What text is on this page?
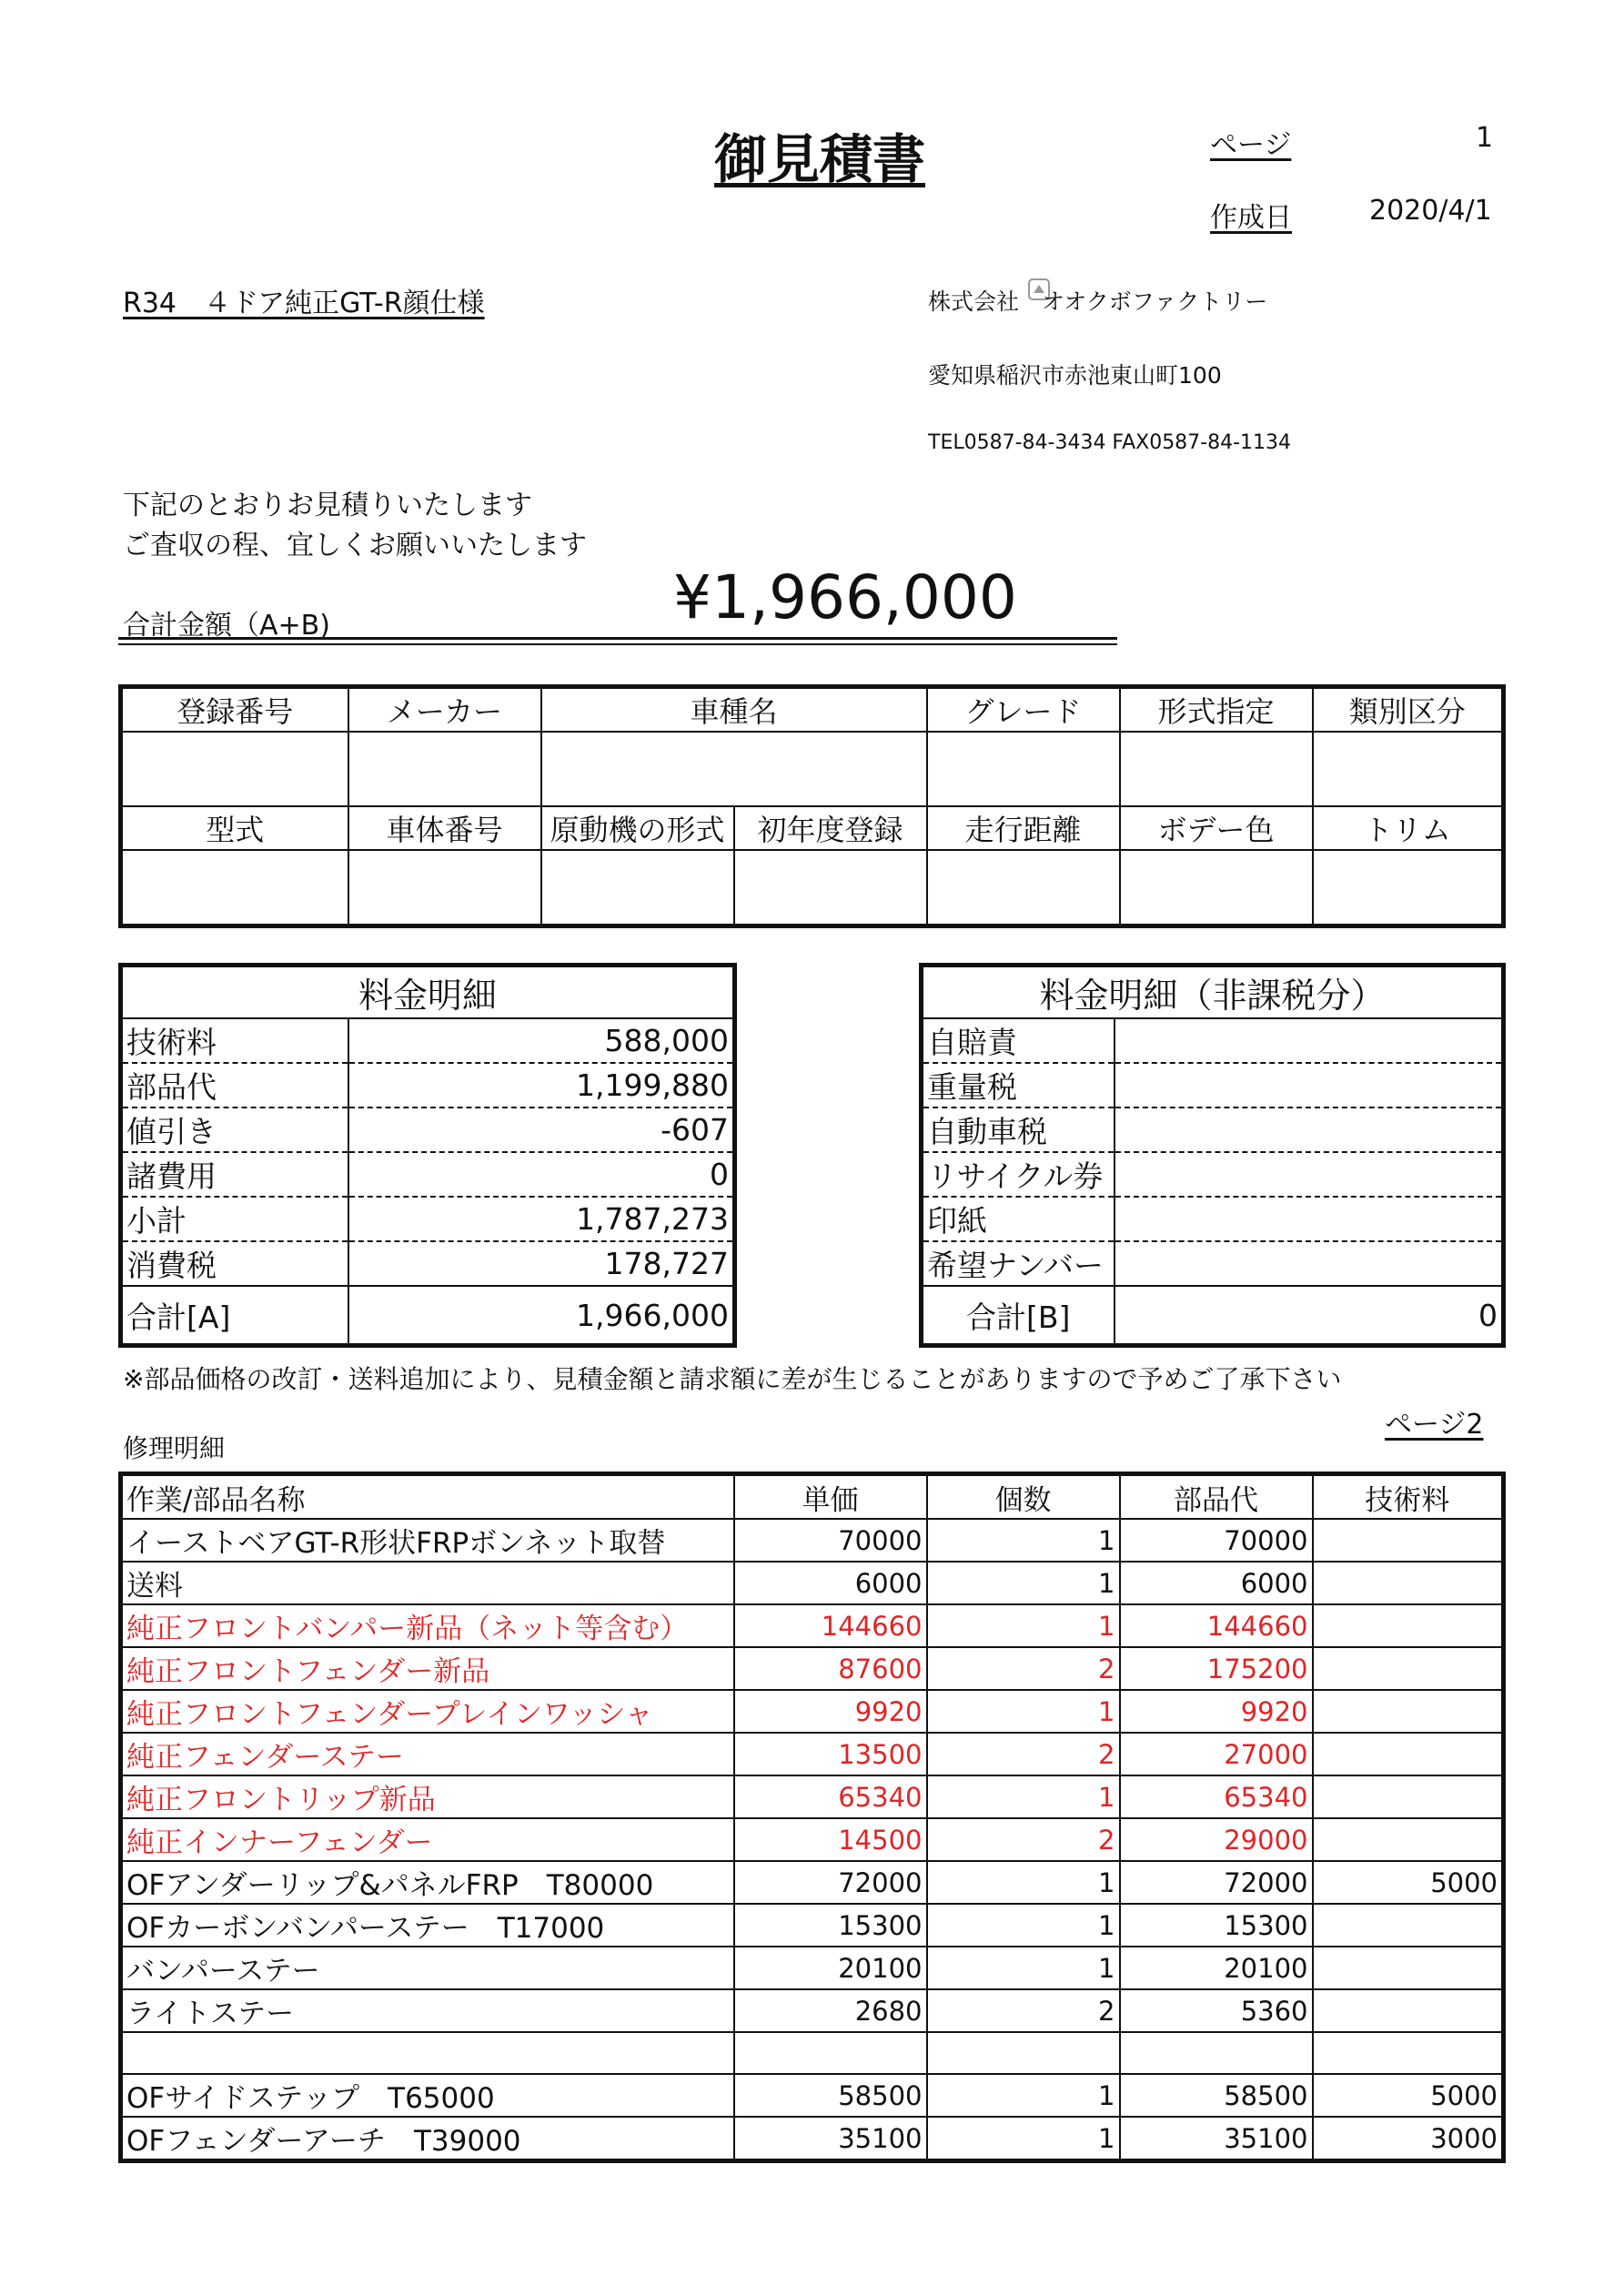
御見積書	ページ	1
作成日	2020/4/1
R34　４ドア純正GT-R顔仕様	株式会社　オオクボファクトリー
愛知県稲沢市赤池東山町100
TEL0587-84-3434 FAX0587-84-1134
下記のとおりお見積りいたします
ご査収の程、宜しくお願いいたします
合計金額（A+B)	¥1,966,000
登録番号	メーカー	車種名		グレード	形式指定	類別区分

型式	車体番号	原動機の形式	初年度登録	走行距離	ボデー色	トリム

料金明細	
技術料	588,000
部品代	1,199,880
値引き	-607
諸費用	0
小計	1,787,273
消費税	178,727
合計[A]	1,966,000
料金明細（非課税分）	
自賠責	
重量税	
自動車税	
リサイクル券	
印紙	
希望ナンバー	
合計[B]	0
※部品価格の改訂・送料追加により、見積金額と請求額に差が生じることがありますので予めご了承下さい
ページ2
修理明細
作業/部品名称	単価	個数	部品代	技術料
イーストベアGT-R形状FRPボンネット取替	70000	1	70000	
送料	6000	1	6000	
純正フロントバンパー新品（ネット等含む）	144660	1	144660	
純正フロントフェンダー新品	87600	2	175200	
純正フロントフェンダープレインワッシャ	9920	1	9920	
純正フェンダーステー	13500	2	27000	
純正フロントリップ新品	65340	1	65340	
純正インナーフェンダー	14500	2	29000	
OFアンダーリップ&パネルFRP　T80000	72000	1	72000	5000
OFカーボンバンパーステー　T17000	15300	1	15300	
バンパーステー	20100	1	20100	
ライトステー	2680	2	5360	

OFサイドステップ　T65000	58500	1	58500	5000
OFフェンダーアーチ　T39000	35100	1	35100	3000
